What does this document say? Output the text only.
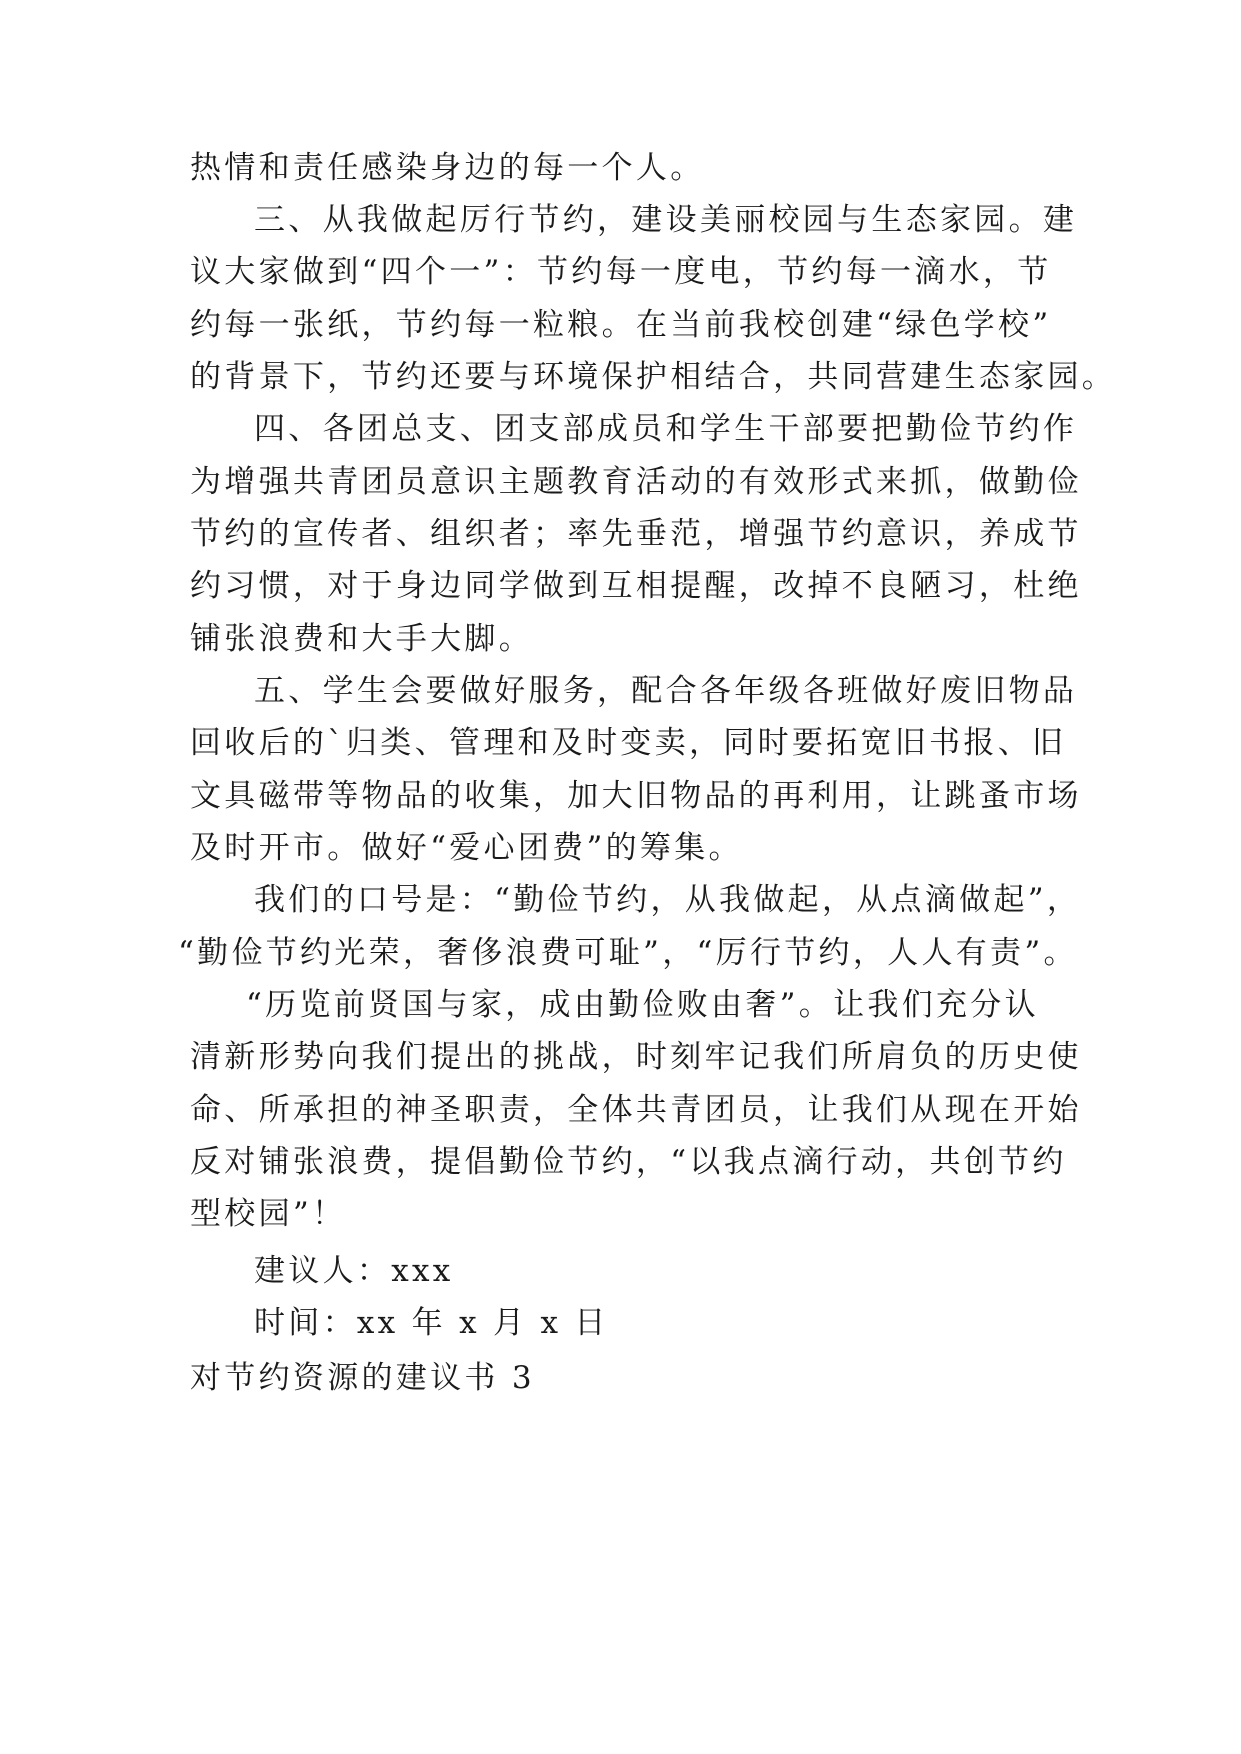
热情和责任感染身边的每一个人。

三、从我做起厉行节约，建设美丽校园与生态家园。建

议大家做到“四个一”：节约每一度电，节约每一滴水，节

约每一张纸，节约每一粒粮。在当前我校创建“绿色学校”

的背景下，节约还要与环境保护相结合，共同营建生态家园。

四、各团总支、团支部成员和学生干部要把勤俭节约作

为增强共青团员意识主题教育活动的有效形式来抓，做勤俭

节约的宣传者、组织者；率先垂范，增强节约意识，养成节

约习惯，对于身边同学做到互相提醒，改掉不良陋习，杜绝

铺张浪费和大手大脚。

五、学生会要做好服务，配合各年级各班做好废旧物品

回收后的`归类、管理和及时变卖，同时要拓宽旧书报、旧

文具磁带等物品的收集，加大旧物品的再利用，让跳蚤市场

及时开市。做好“爱心团费”的筹集。

我们的口号是：“勤俭节约，从我做起，从点滴做起”，

“勤俭节约光荣，奢侈浪费可耻”，“厉行节约，人人有责”。

“历览前贤国与家，成由勤俭败由奢”。让我们充分认

清新形势向我们提出的挑战，时刻牢记我们所肩负的历史使

命、所承担的神圣职责，全体共青团员，让我们从现在开始

反对铺张浪费，提倡勤俭节约，“以我点滴行动，共创节约

型校园”！

建议人：xxx

时间：xx 年 x 月 x 日

对节约资源的建议书 3
